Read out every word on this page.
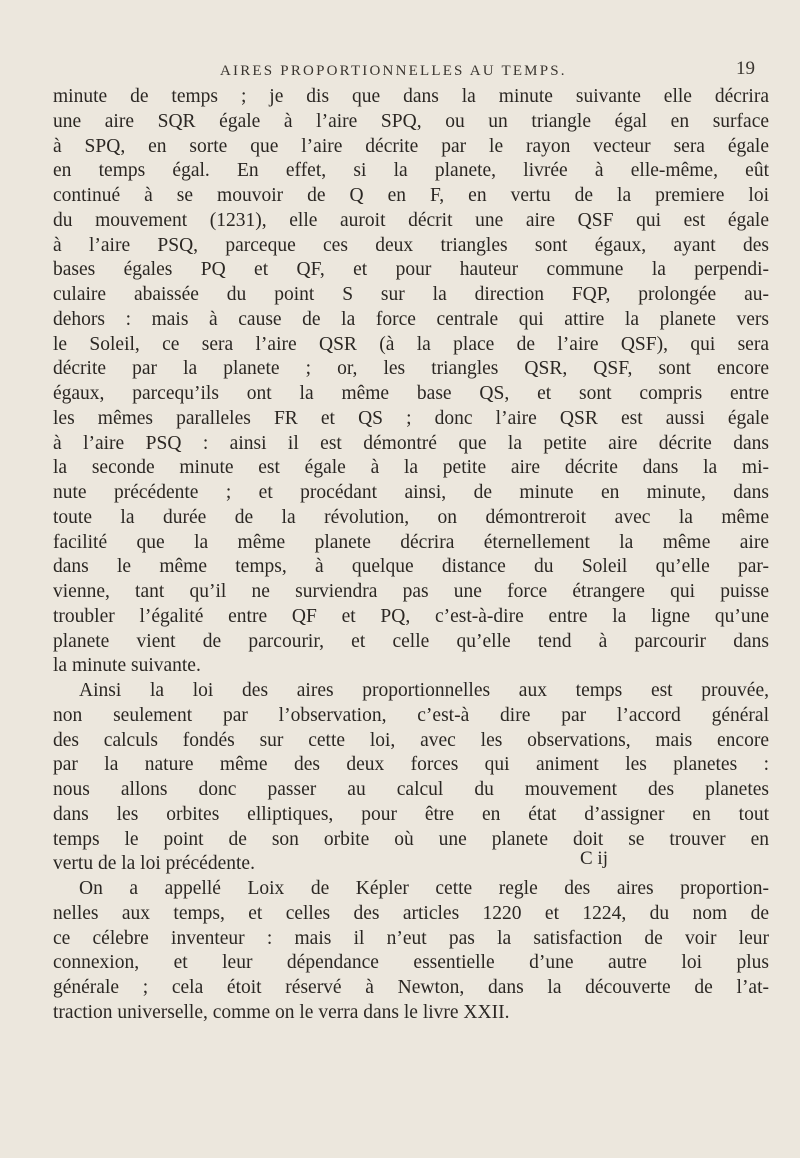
AIRES PROPORTIONNELLES AU TEMPS.	19
minute de temps ; je dis que dans la minute suivante elle décrira
une aire SQR égale à l’aire SPQ, ou un triangle égal en surface
à SPQ, en sorte que l’aire décrite par le rayon vecteur sera égale
en temps égal. En effet, si la planete, livrée à elle-même, eût
continué à se mouvoir de Q en F, en vertu de la premiere loi
du mouvement (1231), elle auroit décrit une aire QSF qui est égale
à l’aire PSQ, parceque ces deux triangles sont égaux, ayant des
bases égales PQ et QF, et pour hauteur commune la perpendi-
culaire abaissée du point S sur la direction FQP, prolongée au-
dehors : mais à cause de la force centrale qui attire la planete vers
le Soleil, ce sera l’aire QSR (à la place de l’aire QSF), qui sera
décrite par la planete ; or, les triangles QSR, QSF, sont encore
égaux, parcequ’ils ont la même base QS, et sont compris entre
les mêmes paralleles FR et QS ; donc l’aire QSR est aussi égale
à l’aire PSQ : ainsi il est démontré que la petite aire décrite dans
la seconde minute est égale à la petite aire décrite dans la mi-
nute précédente ; et procédant ainsi, de minute en minute, dans
toute la durée de la révolution, on démontreroit avec la même
facilité que la même planete décrira éternellement la même aire
dans le même temps, à quelque distance du Soleil qu’elle par-
vienne, tant qu’il ne surviendra pas une force étrangere qui puisse
troubler l’égalité entre QF et PQ, c’est-à-dire entre la ligne qu’une
planete vient de parcourir, et celle qu’elle tend à parcourir dans
la minute suivante.
Ainsi la loi des aires proportionnelles aux temps est prouvée,
non seulement par l’observation, c’est-à dire par l’accord général
des calculs fondés sur cette loi, avec les observations, mais encore
par la nature même des deux forces qui animent les planetes :
nous allons donc passer au calcul du mouvement des planetes
dans les orbites elliptiques, pour être en état d’assigner en tout
temps le point de son orbite où une planete doit se trouver en
vertu de la loi précédente.
On a appellé Loix de Képler cette regle des aires proportion-
nelles aux temps, et celles des articles 1220 et 1224, du nom de
ce célebre inventeur : mais il n’eut pas la satisfaction de voir leur
connexion, et leur dépendance essentielle d’une autre loi plus
générale ; cela étoit réservé à Newton, dans la découverte de l’at-
traction universelle, comme on le verra dans le livre XXII.
C ij
